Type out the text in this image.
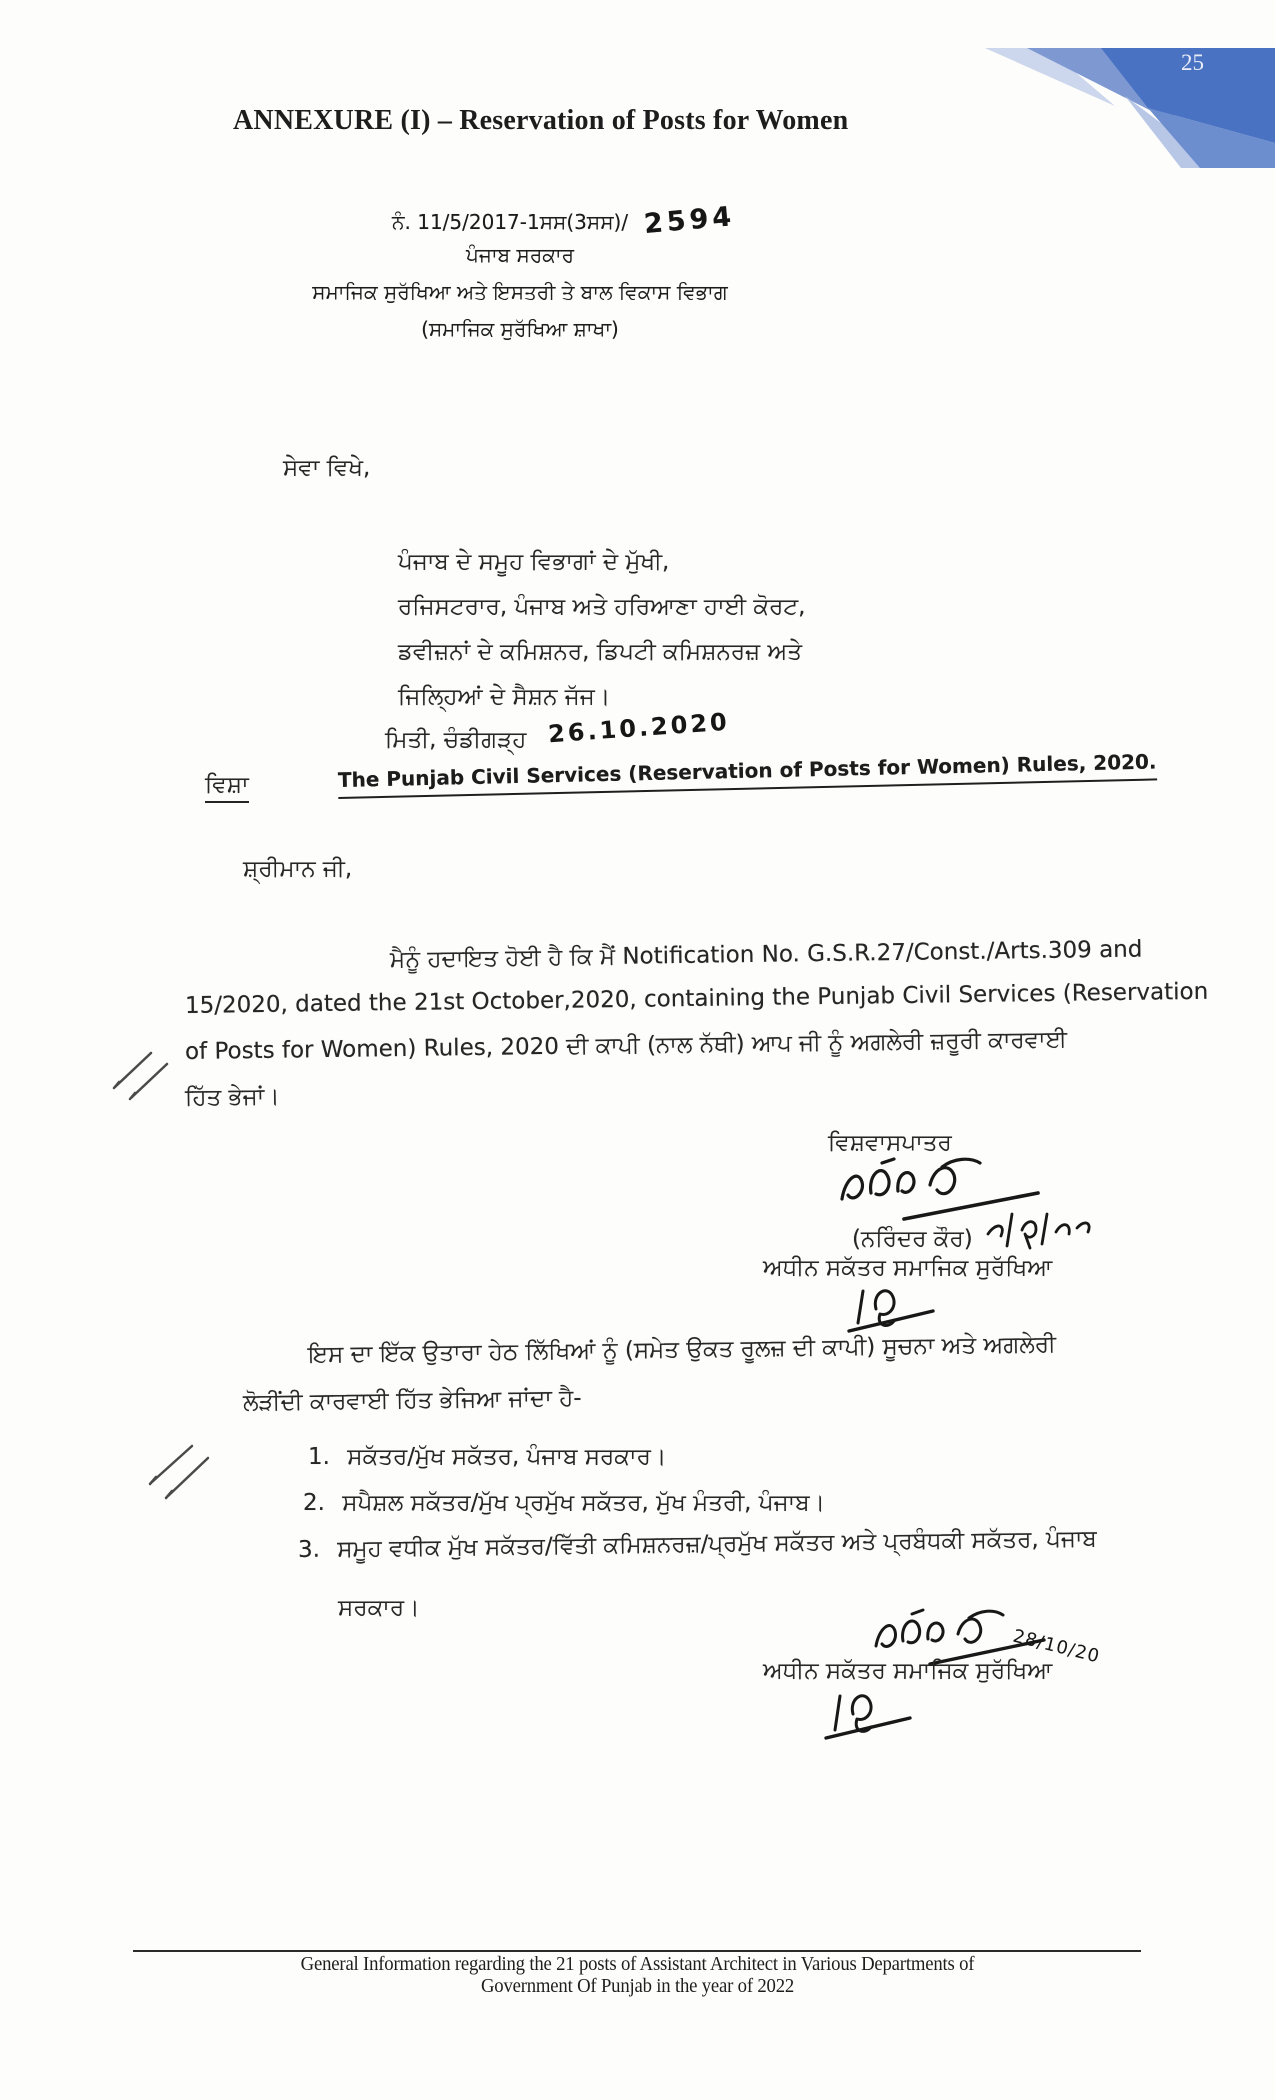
25
ANNEXURE (I) – Reservation of Posts for Women
ਨੰ. 11/5/2017-1ਸਸ(3ਸਸ)/ 2594
ਪੰਜਾਬ ਸਰਕਾਰ
ਸਮਾਜਿਕ ਸੁਰੱਖਿਆ ਅਤੇ ਇਸਤਰੀ ਤੇ ਬਾਲ ਵਿਕਾਸ ਵਿਭਾਗ
(ਸਮਾਜਿਕ ਸੁਰੱਖਿਆ ਸ਼ਾਖਾ)
ਸੇਵਾ ਵਿਖੇ,
ਪੰਜਾਬ ਦੇ ਸਮੂਹ ਵਿਭਾਗਾਂ ਦੇ ਮੁੱਖੀ,
ਰਜਿਸਟਰਾਰ, ਪੰਜਾਬ ਅਤੇ ਹਰਿਆਣਾ ਹਾਈ ਕੋਰਟ,
ਡਵੀਜ਼ਨਾਂ ਦੇ ਕਮਿਸ਼ਨਰ, ਡਿਪਟੀ ਕਮਿਸ਼ਨਰਜ਼ ਅਤੇ
ਜਿਲ੍ਹਿਆਂ ਦੇ ਸੈਸ਼ਨ ਜੱਜ।
ਮਿਤੀ, ਚੰਡੀਗੜ੍ਹ 26.10.2020
ਵਿਸ਼ਾ	The Punjab Civil Services (Reservation of Posts for Women) Rules, 2020.
ਸ਼੍ਰੀਮਾਨ ਜੀ,
ਮੈਨੂੰ ਹਦਾਇਤ ਹੋਈ ਹੈ ਕਿ ਮੈਂ Notification No. G.S.R.27/Const./Arts.309 and
15/2020, dated the 21st October,2020, containing the Punjab Civil Services (Reservation
of Posts for Women) Rules, 2020 ਦੀ ਕਾਪੀ (ਨਾਲ ਨੱਥੀ) ਆਪ ਜੀ ਨੂੰ ਅਗਲੇਰੀ ਜ਼ਰੂਰੀ ਕਾਰਵਾਈ
ਹਿੱਤ ਭੇਜਾਂ।
ਵਿਸ਼ਵਾਸਪਾਤਰ
(ਨਰਿੰਦਰ ਕੌਰ)
ਅਧੀਨ ਸਕੱਤਰ ਸਮਾਜਿਕ ਸੁਰੱਖਿਆ
ਇਸ ਦਾ ਇੱਕ ਉਤਾਰਾ ਹੇਠ ਲਿੱਖਿਆਂ ਨੂੰ (ਸਮੇਤ ਉਕਤ ਰੂਲਜ਼ ਦੀ ਕਾਪੀ) ਸੂਚਨਾ ਅਤੇ ਅਗਲੇਰੀ
ਲੋੜੀਂਦੀ ਕਾਰਵਾਈ ਹਿੱਤ ਭੇਜਿਆ ਜਾਂਦਾ ਹੈ-
1. ਸਕੱਤਰ/ਮੁੱਖ ਸਕੱਤਰ, ਪੰਜਾਬ ਸਰਕਾਰ।
2. ਸਪੈਸ਼ਲ ਸਕੱਤਰ/ਮੁੱਖ ਪ੍ਰਮੁੱਖ ਸਕੱਤਰ, ਮੁੱਖ ਮੰਤਰੀ, ਪੰਜਾਬ।
3. ਸਮੂਹ ਵਧੀਕ ਮੁੱਖ ਸਕੱਤਰ/ਵਿੱਤੀ ਕਮਿਸ਼ਨਰਜ਼/ਪ੍ਰਮੁੱਖ ਸਕੱਤਰ ਅਤੇ ਪ੍ਰਬੰਧਕੀ ਸਕੱਤਰ, ਪੰਜਾਬ
ਸਰਕਾਰ।
28/10/20
ਅਧੀਨ ਸਕੱਤਰ ਸਮਾਜਿਕ ਸੁਰੱਖਿਆ
General Information regarding the 21 posts of Assistant Architect in Various Departments of
Government Of Punjab in the year of 2022
